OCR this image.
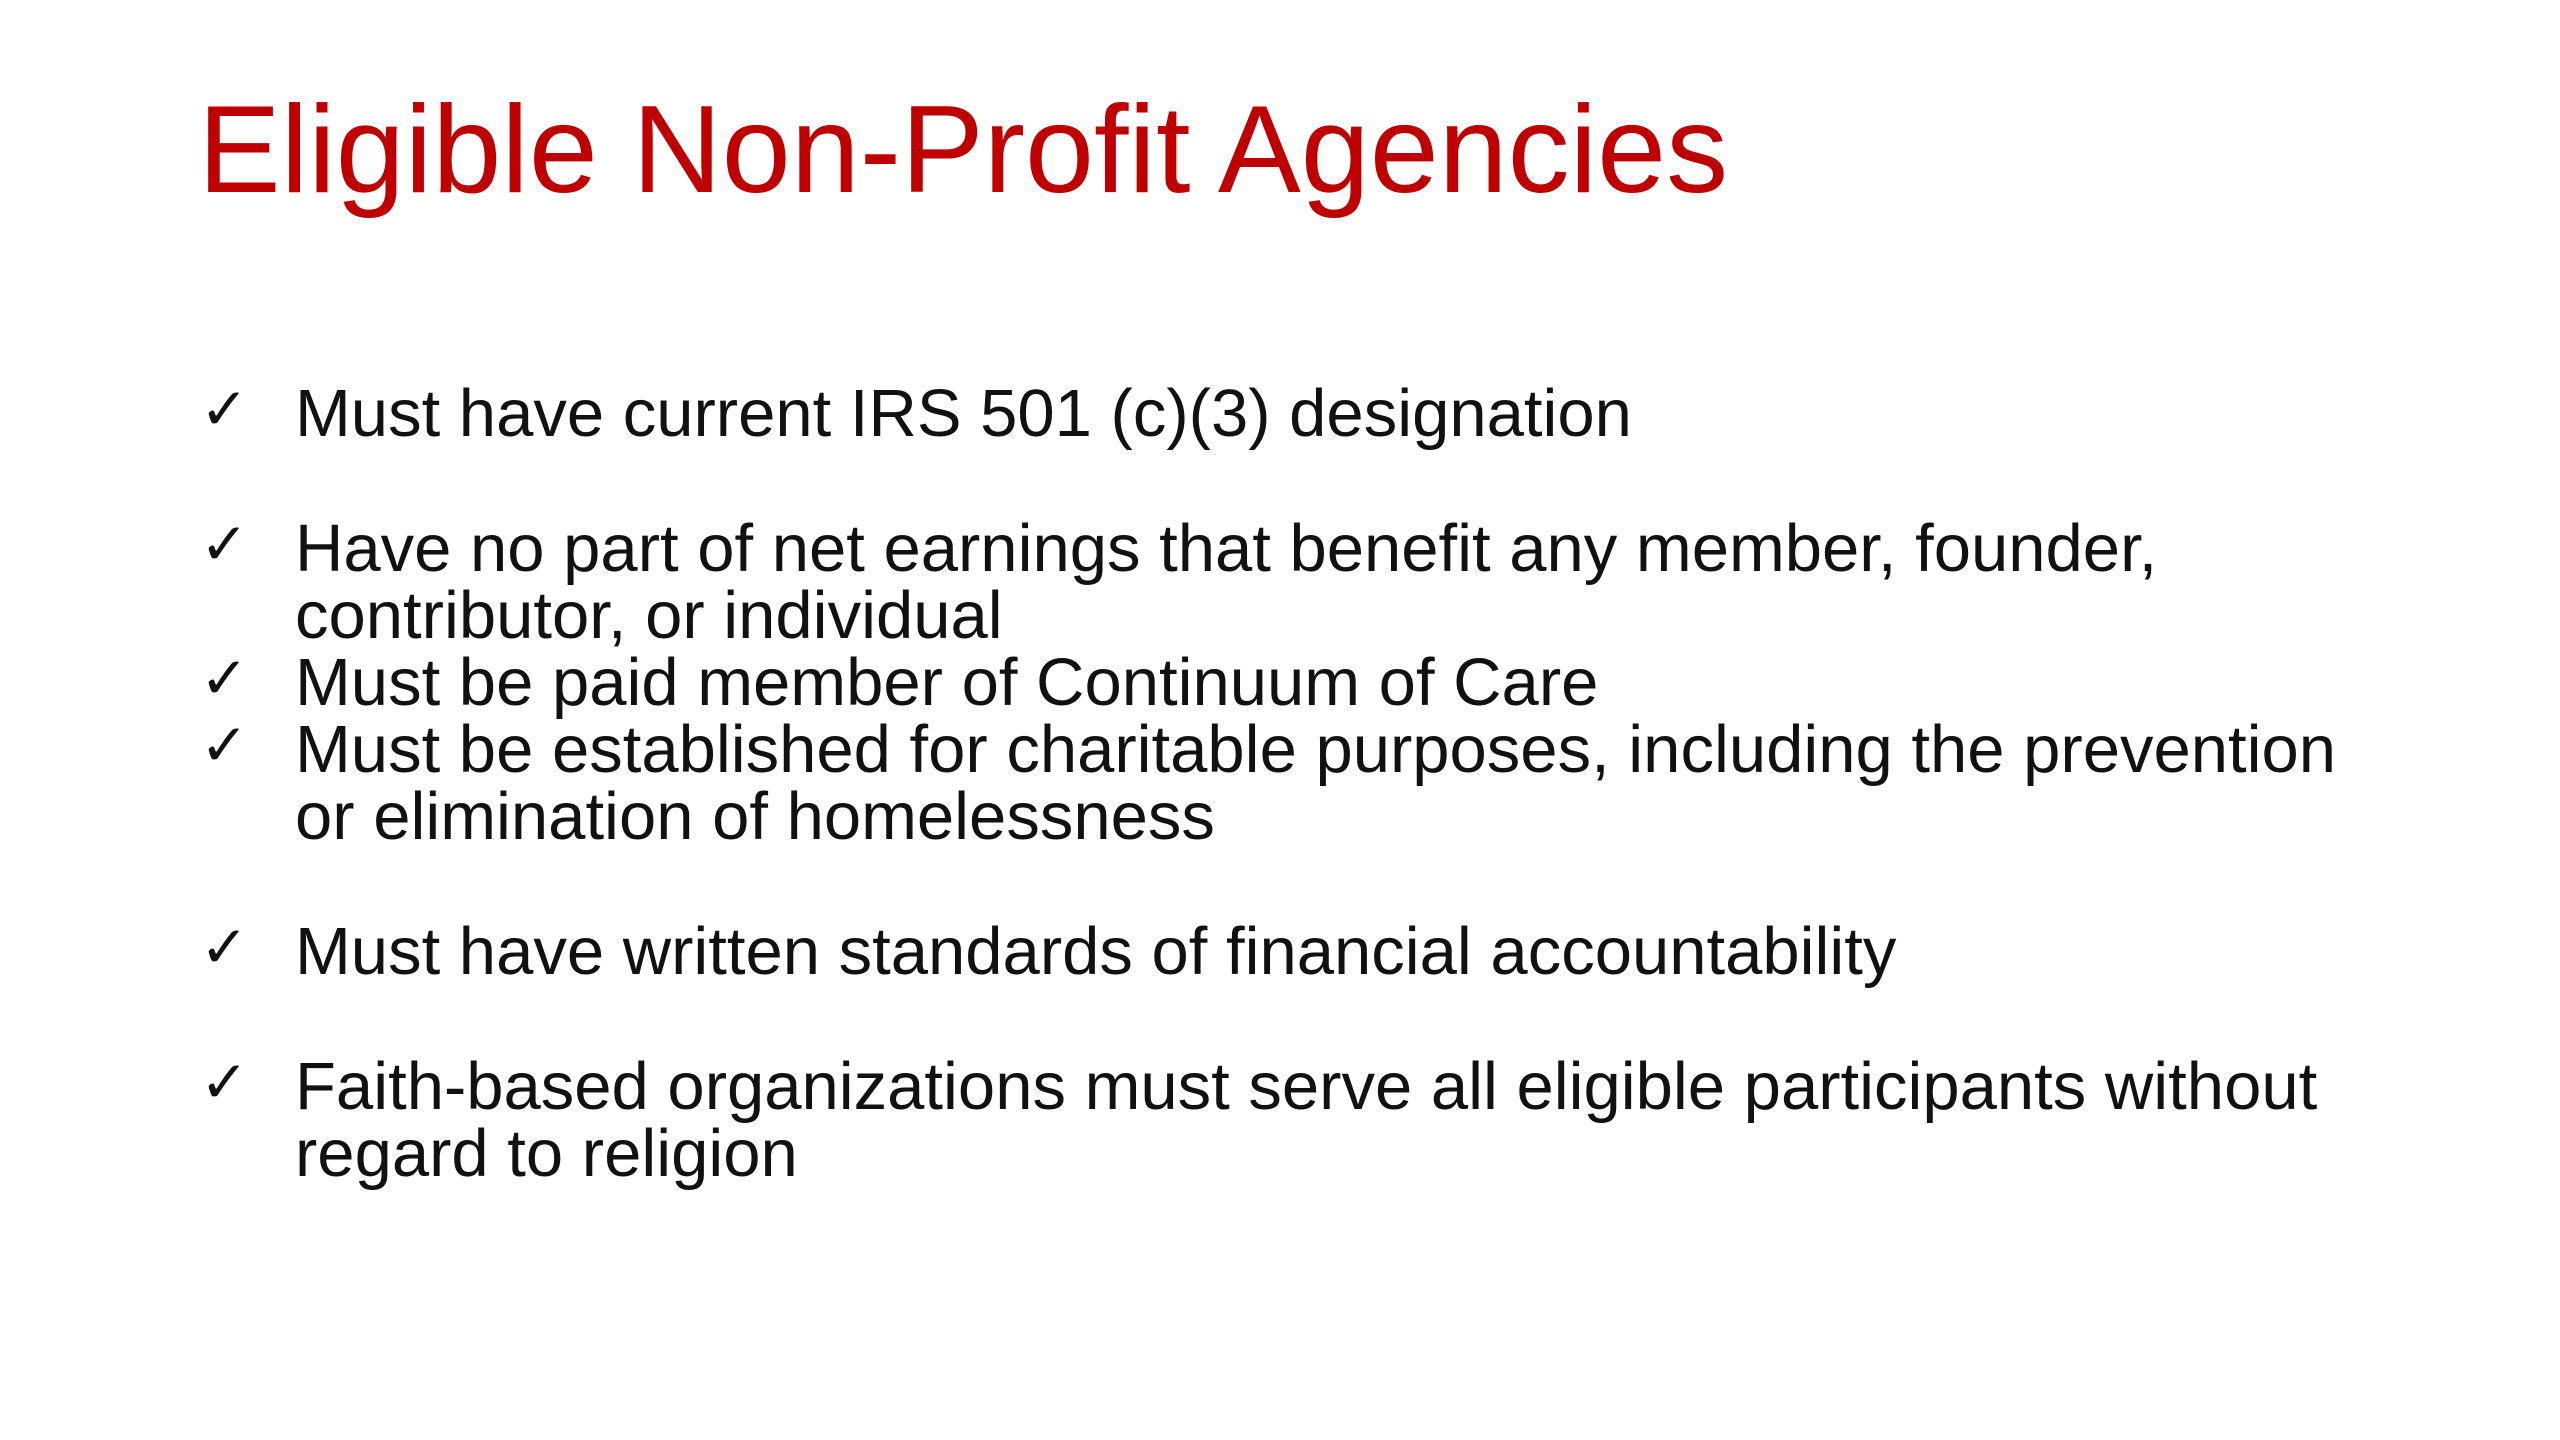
Eligible Non-Profit Agencies
✓ Must have current IRS 501 (c)(3) designation
✓ Have no part of net earnings that benefit any member, founder, contributor, or individual
✓ Must be paid member of Continuum of Care
✓ Must be established for charitable purposes, including the prevention or elimination of homelessness
✓ Must have written standards of financial accountability
✓ Faith-based organizations must serve all eligible participants without regard to religion
